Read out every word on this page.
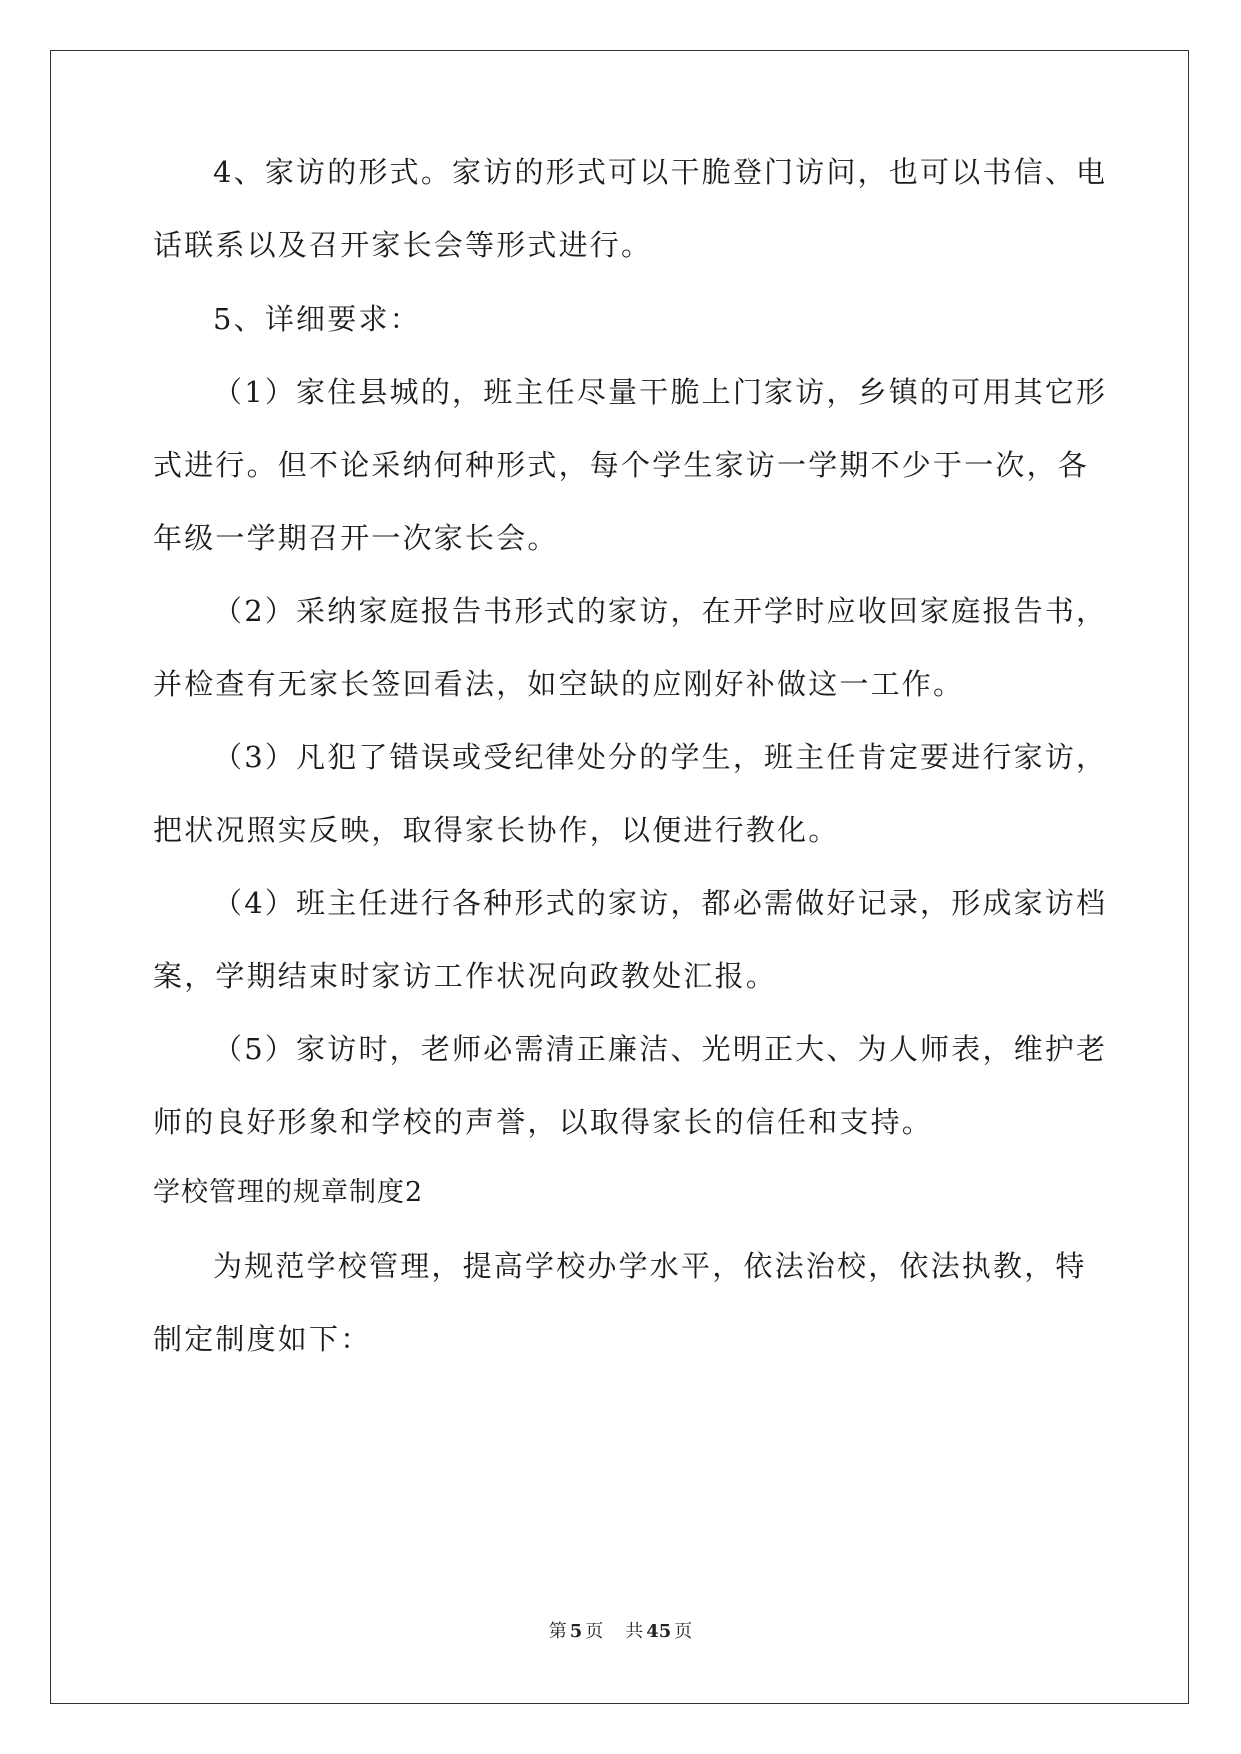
4、家访的形式。家访的形式可以干脆登门访问，也可以书信、电
话联系以及召开家长会等形式进行。
5、详细要求：
（1）家住县城的，班主任尽量干脆上门家访，乡镇的可用其它形
式进行。但不论采纳何种形式，每个学生家访一学期不少于一次，各
年级一学期召开一次家长会。
（2）采纳家庭报告书形式的家访，在开学时应收回家庭报告书，
并检查有无家长签回看法，如空缺的应刚好补做这一工作。
（3）凡犯了错误或受纪律处分的学生，班主任肯定要进行家访，
把状况照实反映，取得家长协作，以便进行教化。
（4）班主任进行各种形式的家访，都必需做好记录，形成家访档
案，学期结束时家访工作状况向政教处汇报。
（5）家访时，老师必需清正廉洁、光明正大、为人师表，维护老
师的良好形象和学校的声誉，以取得家长的信任和支持。
学校管理的规章制度2
为规范学校管理，提高学校办学水平，依法治校，依法执教，特
制定制度如下：
第 5 页 共 45 页
